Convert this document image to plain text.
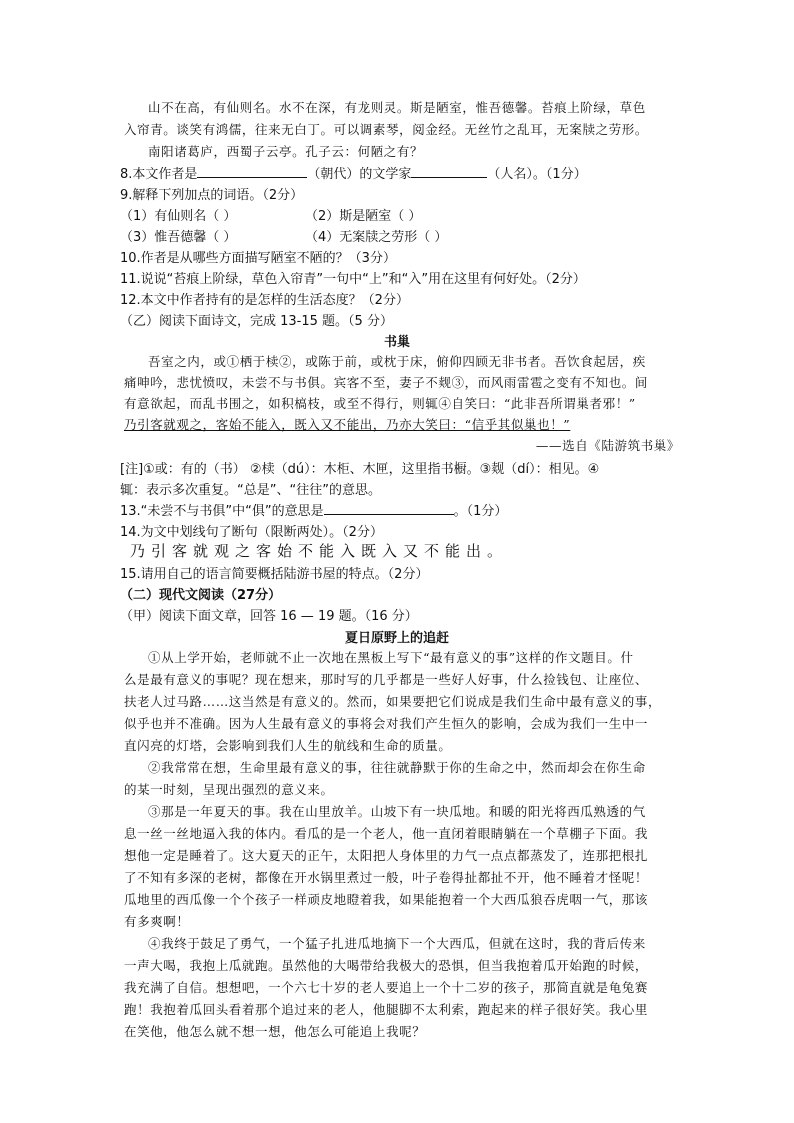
山不在高，有仙则名。水不在深，有龙则灵。斯是陋室，惟吾德馨。苔痕上阶绿，草色
入帘青。谈笑有鸿儒，往来无白丁。可以调素琴，阅金经。无丝竹之乱耳，无案牍之劳形。
南阳诸葛庐，西蜀子云亭。孔子云：何陋之有？
8.本文作者是	（朝代）的文学家	（人名）。（1分）
9.解释下列加点的词语。（2分）
（1）有仙则名（ ）	（2）斯是陋室（ ）
（3）惟吾德馨（ ）	（4）无案牍之劳形（ ）
10.作者是从哪些方面描写陋室不陋的？（3分）
11.说说“苔痕上阶绿，草色入帘青”一句中“上”和“入”用在这里有何好处。（2分）
12.本文中作者持有的是怎样的生活态度？（2分）
（乙）阅读下面诗文，完成 13-15 题。（5 分）
书巢
吾室之内，或①栖于椟②，或陈于前，或枕于床，俯仰四顾无非书者。吾饮食起居，疾
痛呻吟，悲忧愤叹，未尝不与书俱。宾客不至，妻子不觌③，而风雨雷雹之变有不知也。间
有意欲起，而乱书围之，如积槁枝，或至不得行，则辄④自笑曰：“此非吾所谓巢者邪！”
乃引客就观之，客始不能入，既入又不能出，乃亦大笑曰：“信乎其似巢也！”
——选自《陆游筑书巢》
[注]①或：有的（书） ②椟（dú）：木柜、木匣，这里指书橱。③觌（dí）：相见。④
辄：表示多次重复。“总是”、“往往”的意思。
13.“未尝不与书俱”中“俱”的意思是	。（1分）
14.为文中划线句了断句（限断两处）。（2分）
乃引客就观之客始不能入既入又不能出。
15.请用自己的语言简要概括陆游书屋的特点。（2分）
（二）现代文阅读（27分）
（甲）阅读下面文章，回答 16 — 19 题。（16 分）
夏日原野上的追赶
①从上学开始，老师就不止一次地在黑板上写下“最有意义的事”这样的作文题目。什
么是最有意义的事呢？现在想来，那时写的几乎都是一些好人好事，什么捡钱包、让座位、
扶老人过马路……这当然是有意义的。然而，如果要把它们说成是我们生命中最有意义的事，
似乎也并不准确。因为人生最有意义的事将会对我们产生恒久的影响，会成为我们一生中一
直闪亮的灯塔，会影响到我们人生的航线和生命的质量。
②我常常在想，生命里最有意义的事，往往就静默于你的生命之中，然而却会在你生命
的某一时刻，呈现出强烈的意义来。
③那是一年夏天的事。我在山里放羊。山坡下有一块瓜地。和暖的阳光将西瓜熟透的气
息一丝一丝地逼入我的体内。看瓜的是一个老人，他一直闭着眼睛躺在一个草棚子下面。我
想他一定是睡着了。这大夏天的正午，太阳把人身体里的力气一点点都蒸发了，连那把根扎
了不知有多深的老树，都像在开水锅里煮过一般，叶子卷得扯都扯不开，他不睡着才怪呢！
瓜地里的西瓜像一个个孩子一样顽皮地瞪着我，如果能抱着一个大西瓜狼吞虎咽一气，那该
有多爽啊！
④我终于鼓足了勇气，一个猛子扎进瓜地摘下一个大西瓜，但就在这时，我的背后传来
一声大喝，我抱上瓜就跑。虽然他的大喝带给我极大的恐惧，但当我抱着瓜开始跑的时候，
我充满了自信。想想吧，一个六七十岁的老人要追上一个十二岁的孩子，那简直就是龟兔赛
跑！我抱着瓜回头看着那个追过来的老人，他腿脚不太利索，跑起来的样子很好笑。我心里
在笑他，他怎么就不想一想，他怎么可能追上我呢？
